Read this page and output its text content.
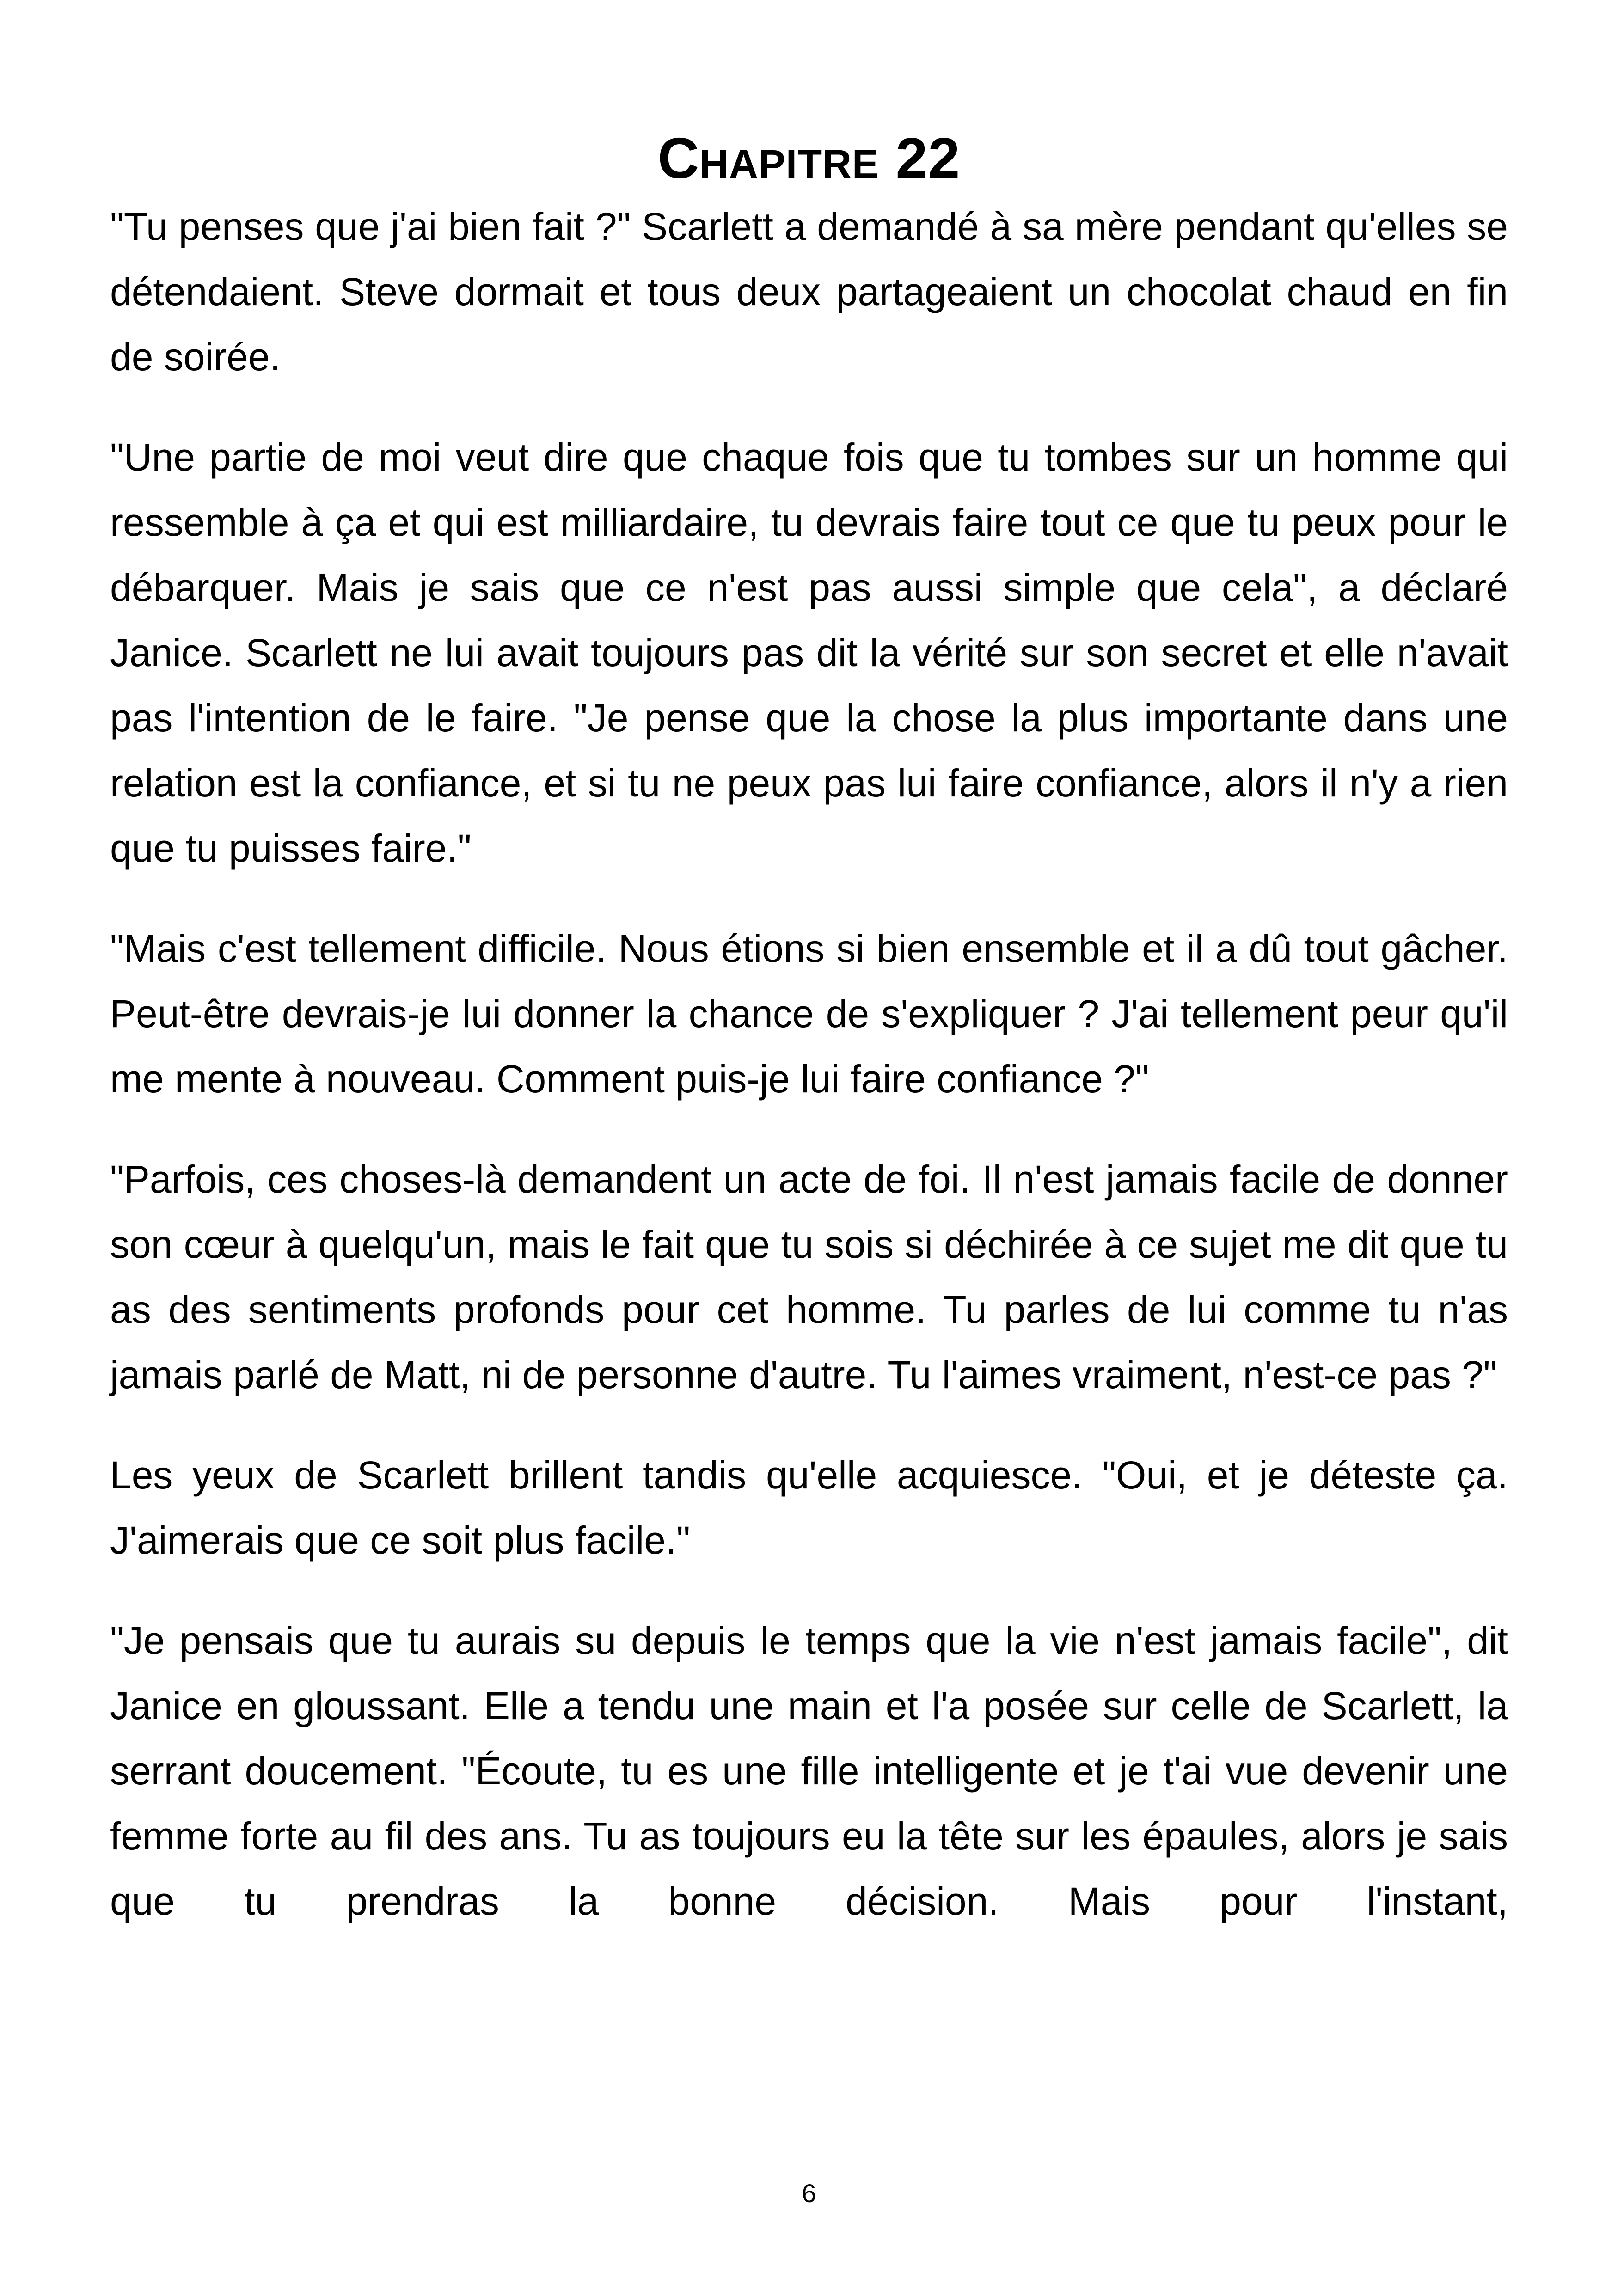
Chapitre 22

"Tu penses que j'ai bien fait ?" Scarlett a demandé à sa mère pendant qu'elles se détendaient. Steve dormait et tous deux partageaient un chocolat chaud en fin de soirée.

"Une partie de moi veut dire que chaque fois que tu tombes sur un homme qui ressemble à ça et qui est milliardaire, tu devrais faire tout ce que tu peux pour le débarquer. Mais je sais que ce n'est pas aussi simple que cela", a déclaré Janice. Scarlett ne lui avait toujours pas dit la vérité sur son secret et elle n'avait pas l'intention de le faire. "Je pense que la chose la plus importante dans une relation est la confiance, et si tu ne peux pas lui faire confiance, alors il n'y a rien que tu puisses faire."

"Mais c'est tellement difficile. Nous étions si bien ensemble et il a dû tout gâcher. Peut-être devrais-je lui donner la chance de s'expliquer ? J'ai tellement peur qu'il me mente à nouveau. Comment puis-je lui faire confiance ?"

"Parfois, ces choses-là demandent un acte de foi. Il n'est jamais facile de donner son cœur à quelqu'un, mais le fait que tu sois si déchirée à ce sujet me dit que tu as des sentiments profonds pour cet homme. Tu parles de lui comme tu n'as jamais parlé de Matt, ni de personne d'autre. Tu l'aimes vraiment, n'est-ce pas ?"

Les yeux de Scarlett brillent tandis qu'elle acquiesce. "Oui, et je déteste ça. J'aimerais que ce soit plus facile."

"Je pensais que tu aurais su depuis le temps que la vie n'est jamais facile", dit Janice en gloussant. Elle a tendu une main et l'a posée sur celle de Scarlett, la serrant doucement. "Écoute, tu es une fille intelligente et je t'ai vue devenir une femme forte au fil des ans. Tu as toujours eu la tête sur les épaules, alors je sais que tu prendras la bonne décision. Mais pour l'instant,

6
